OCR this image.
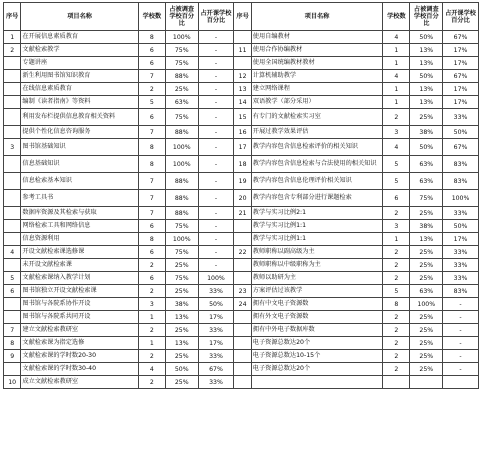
序号	项目名称	学校数	占被调查学校百分比	占开课学校百分比	序号	项目名称	学校数	占被调查学校百分比	占开课学校百分比
1	在开展信息素质教育	8	100%	-		使用自编教材	4	50%	67%
2	文献检索教学	6	75%	-	11	使用合作协编教材	1	13%	17%

	专题讲座	6	75%	-		使用全国统编教材教材	1	13%	17%

	新生利用图书馆知识教育	7	88%	-	12	计算机辅助教学	4	50%	67%

	在线信息素质教育	2	25%	-	13	建立网络课程	1	13%	17%

	编制《读者指南》等资料	5	63%	-	14	双语教学（部分采用）	1	13%	17%

	利用发布栏提供信息教育相关资料	6	75%	-	15	有专门的文献检索实习室	2	25%	33%

	提供个性化信息咨询服务	7	88%	-	16	开展过教学效果评估	3	38%	50%
3	图书馆基础知识	8	100%	-	17	教学内容包含信息检索评价的相关知识	4	50%	67%

	信息基础知识	8	100%	-	18	教学内容包含信息检索与合法使用的相关知识	5	63%	83%

	信息检索基本知识	7	88%	-	19	教学内容包含信息伦理评价相关知识	5	63%	83%

	参考工具书	7	88%	-	20	教学内容包含专利部分进行课题检索	6	75%	100%

	数据库资源及其检索与获取	7	88%	-	21	教学与实习比例2:1	2	25%	33%

	网络检索工具和网络信息	6	75%	-		教学与实习比例1:1	3	38%	50%

	信息资源利用	8	100%	-		教学与实习比例1:1	1	13%	17%
4	开设文献检索课选修课	6	75%	-	22	教师职称以副高级为主	2	25%	33%

	未开设文献检索课	2	25%	-		教师职称以中级职称为主	2	25%	33%
5	文献检索课纳入教学计划	6	75%	100%		教师以助研为主	2	25%	33%
6	图书馆独立开设文献检索课	2	25%	33%	23	方案评估过该教学	5	63%	83%

	图书馆与各院系协作开设	3	38%	50%	24	拥有中文电子资源数	8	100%	-

	图书馆与各院系共同开设	1	13%	17%		拥有外文电子资源数	2	25%	-
7	建立文献检索教研室	2	25%	33%		拥有中外电子数据库数	2	25%	-
8	文献检索课为指定选修	1	13%	17%		电子资源总数达20个	2	25%	-
9	文献检索课的学时数20-30	2	25%	33%		电子资源总数达10-15个	2	25%	-

	文献检索课的学时数30-40	4	50%	67%		电子资源总数达20个	2	25%	-
10	成立文献检索教研室	2	25%	33%		
